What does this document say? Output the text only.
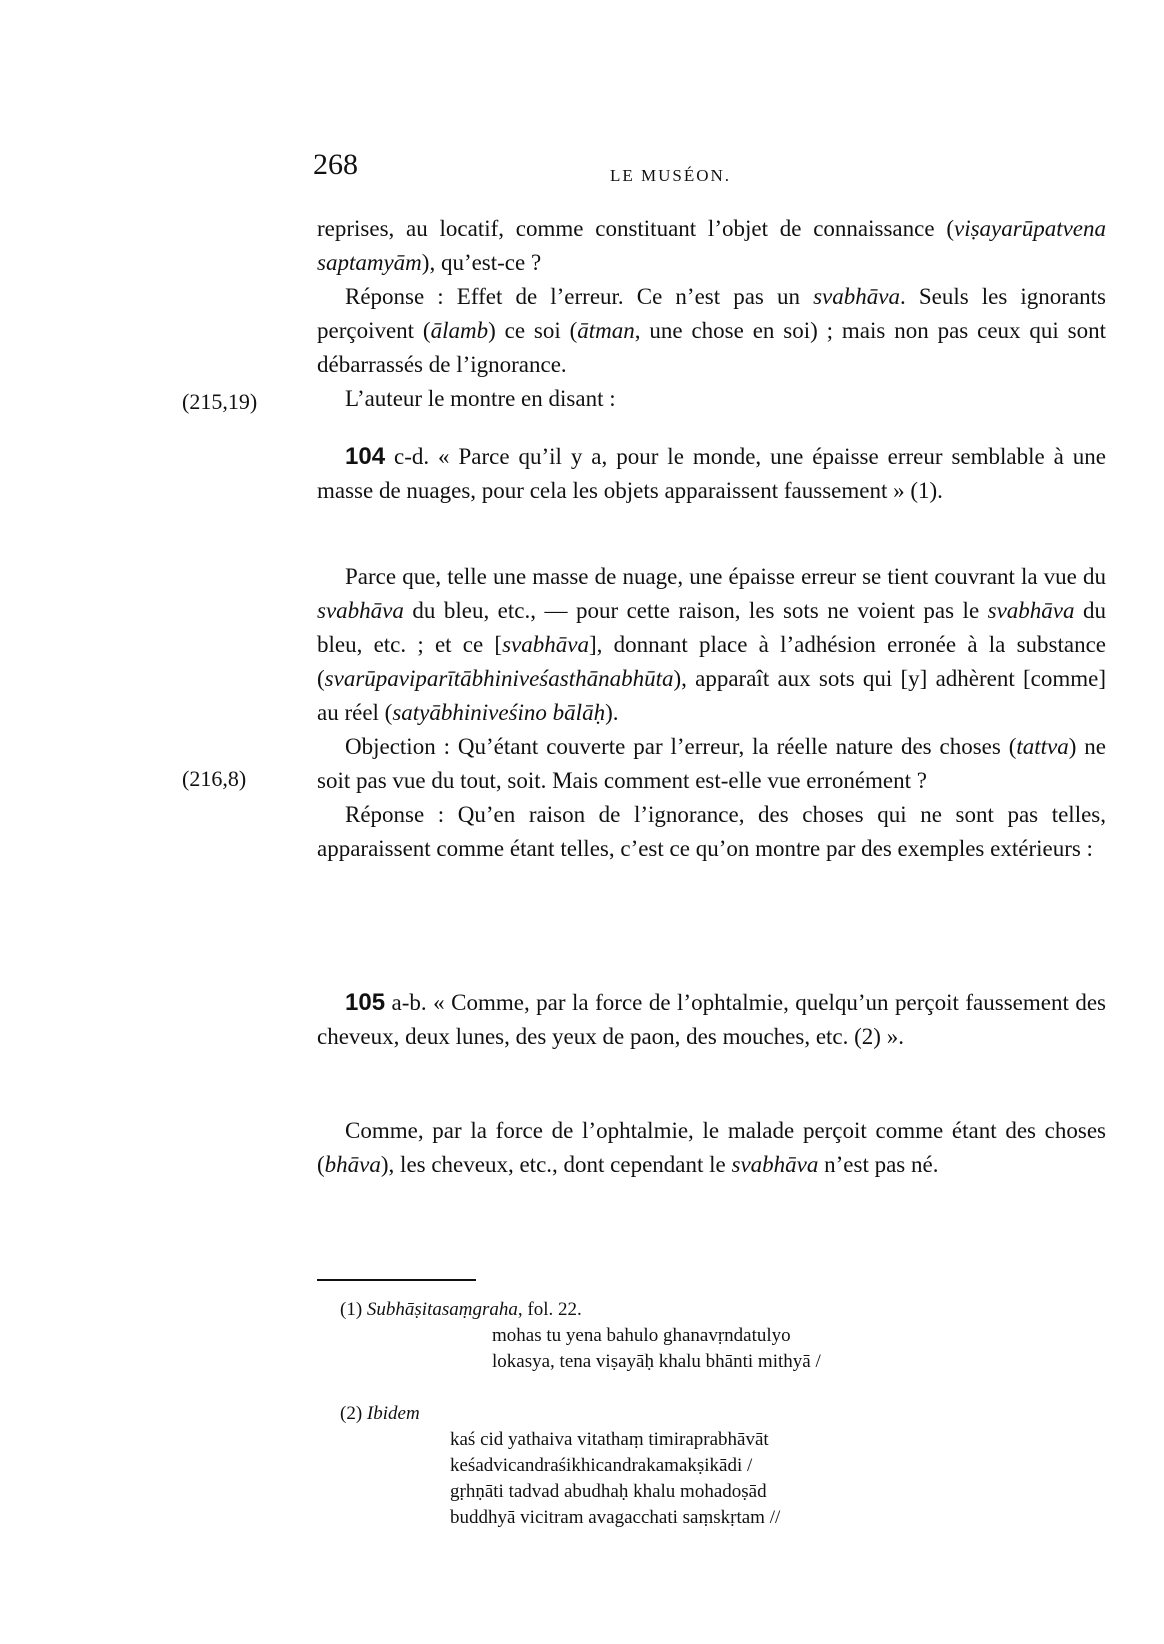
268	LE MUSÉON.
(215,19)
(216,8)

reprises, au locatif, comme constituant l’objet de connaissance (viṣayarūpatvena saptamyām), qu’est-ce ?

Réponse : Effet de l’erreur. Ce n’est pas un svabhāva. Seuls les ignorants perçoivent (ālamb) ce soi (ātman, une chose en soi) ; mais non pas ceux qui sont débarrassés de l’ignorance.

L’auteur le montre en disant :

104 c-d. « Parce qu’il y a, pour le monde, une épaisse erreur semblable à une masse de nuages, pour cela les objets apparaissent faussement » (1).

Parce que, telle une masse de nuage, une épaisse erreur se tient couvrant la vue du svabhāva du bleu, etc., — pour cette raison, les sots ne voient pas le svabhāva du bleu, etc. ; et ce [svabhāva], donnant place à l’adhésion erronée à la substance (svarūpaviparītābhiniveśasthānabhūta), apparaît aux sots qui [y] adhèrent [comme] au réel (satyābhiniveśino bālāḥ).

Objection : Qu’étant couverte par l’erreur, la réelle nature des choses (tattva) ne soit pas vue du tout, soit. Mais comment est-elle vue erronément ?

Réponse : Qu’en raison de l’ignorance, des choses qui ne sont pas telles, apparaissent comme étant telles, c’est ce qu’on montre par des exemples extérieurs :

105 a-b. « Comme, par la force de l’ophtalmie, quelqu’un perçoit faussement des cheveux, deux lunes, des yeux de paon, des mouches, etc. (2) ».

Comme, par la force de l’ophtalmie, le malade perçoit comme étant des choses (bhāva), les cheveux, etc., dont cependant le svabhāva n’est pas né.

(1) Subhāṣitasaṃgraha, fol. 22.
mohas tu yena bahulo ghanavṛndatulyo
lokasya, tena viṣayāḥ khalu bhānti mithyā /
(2) Ibidem
kaś cid yathaiva vitathaṃ timiraprabhāvāt
keśadvicandraśikhicandrakamakṣikādi /
gṛhṇāti tadvad abudhaḥ khalu mohadoṣād
buddhyā vicitram avagacchati saṃskṛtam //
